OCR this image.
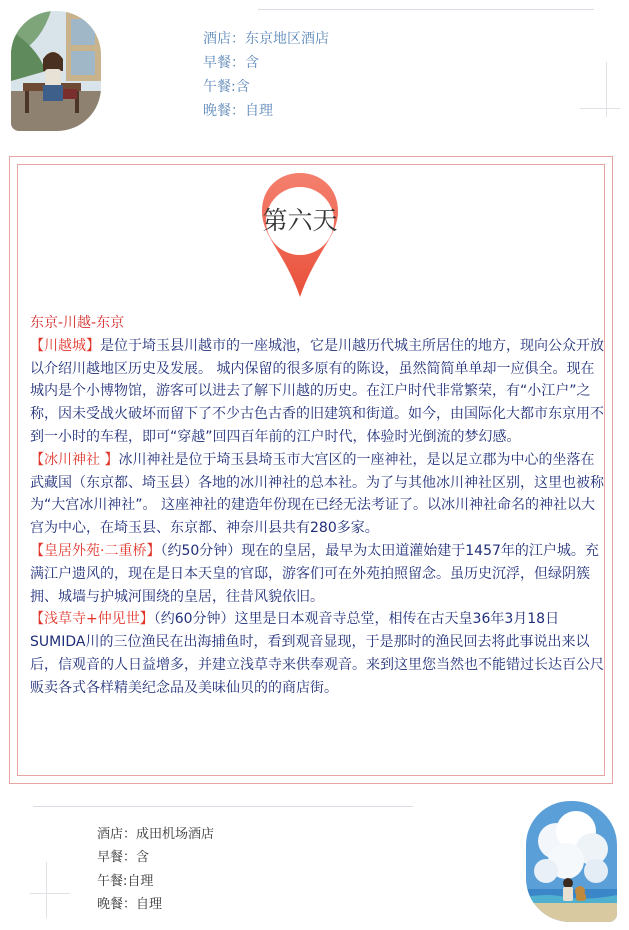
酒店：东京地区酒店
早餐：含
午餐:含
晚餐：自理
第六天

东京-川越-东京

【川越城】是位于埼玉县川越市的一座城池，它是川越历代城主所居住的地方，现向公众开放以介绍川越地区历史及发展。 城内保留的很多原有的陈设，虽然简简单单却一应俱全。现在城内是个小博物馆，游客可以进去了解下川越的历史。在江户时代非常繁荣，有“小江户”之称，因未受战火破坏而留下了不少古色古香的旧建筑和街道。如今，由国际化大都市东京用不到一小时的车程，即可“穿越”回四百年前的江户时代，体验时光倒流的梦幻感。

【冰川神社 】冰川神社是位于埼玉县埼玉市大宫区的一座神社，是以足立郡为中心的坐落在武藏国（东京都、埼玉县）各地的冰川神社的总本社。为了与其他冰川神社区别，这里也被称为“大宫冰川神社”。 这座神社的建造年份现在已经无法考证了。以冰川神社命名的神社以大宫为中心，在埼玉县、东京都、神奈川县共有280多家。

【皇居外苑·二重桥】（约50分钟）现在的皇居，最早为太田道灌始建于1457年的江户城。充满江户遗风的，现在是日本天皇的官邸，游客们可在外苑拍照留念。虽历史沉浮，但绿阴簇拥、城墙与护城河围绕的皇居，往昔风貌依旧。

【浅草寺+仲见世】（约60分钟）这里是日本观音寺总堂，相传在古天皇36年3月18日SUMIDA川的三位渔民在出海捕鱼时，看到观音显现，于是那时的渔民回去将此事说出来以后，信观音的人日益增多，并建立浅草寺来供奉观音。来到这里您当然也不能错过长达百公尺贩卖各式各样精美纪念品及美味仙贝的的商店街。

酒店：成田机场酒店
早餐：含
午餐:自理
晚餐：自理
